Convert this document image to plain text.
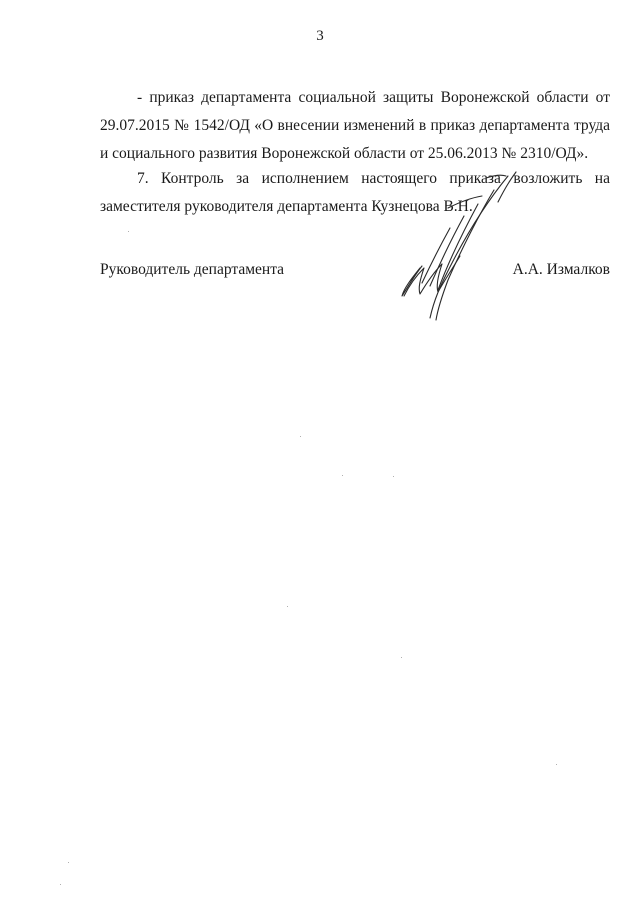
3
- приказ департамента социальной защиты Воронежской области от
29.07.2015 № 1542/ОД «О внесении изменений в приказ департамента труда
и социального развития Воронежской области от 25.06.2013 № 2310/ОД».
7. Контроль за исполнением настоящего приказа возложить на
заместителя руководителя департамента Кузнецова В.Н.
Руководитель департамента	А.А. Измалков
